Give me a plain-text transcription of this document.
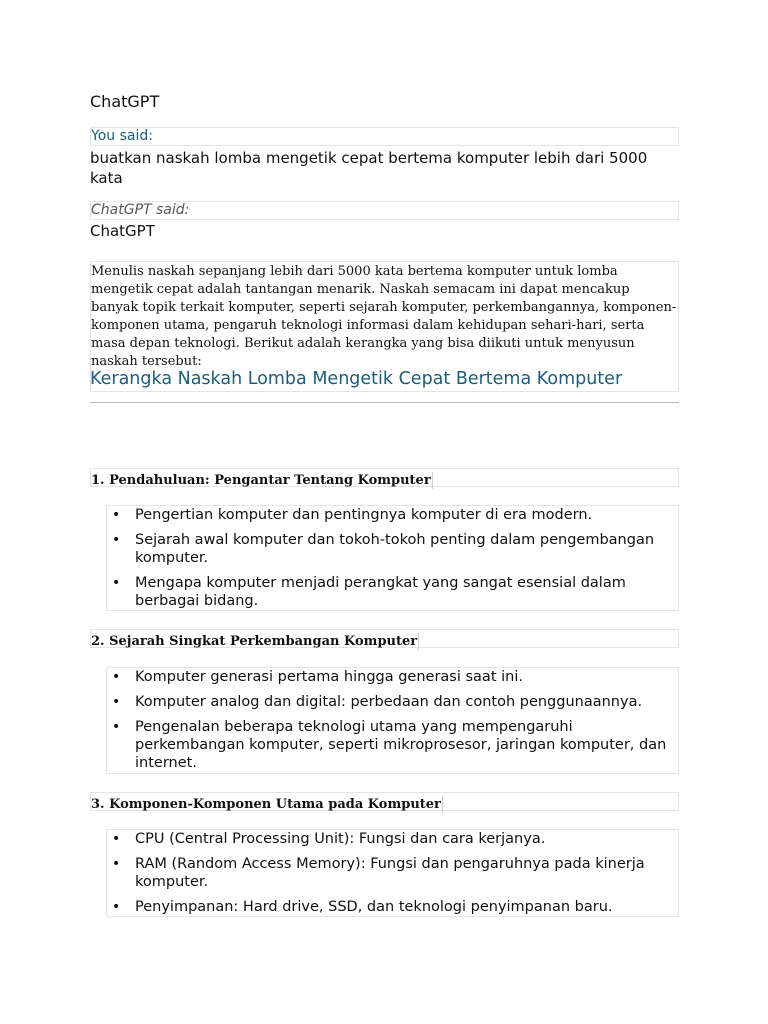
ChatGPT
You said:
buatkan naskah lomba mengetik cepat bertema komputer lebih dari 5000 kata
ChatGPT said:
ChatGPT
Menulis naskah sepanjang lebih dari 5000 kata bertema komputer untuk lomba mengetik cepat adalah tantangan menarik. Naskah semacam ini dapat mencakup banyak topik terkait komputer, seperti sejarah komputer, perkembangannya, komponen-komponen utama, pengaruh teknologi informasi dalam kehidupan sehari-hari, serta masa depan teknologi. Berikut adalah kerangka yang bisa diikuti untuk menyusun naskah tersebut:
Kerangka Naskah Lomba Mengetik Cepat Bertema Komputer
1. Pendahuluan: Pengantar Tentang Komputer
• Pengertian komputer dan pentingnya komputer di era modern.
• Sejarah awal komputer dan tokoh-tokoh penting dalam pengembangan komputer.
• Mengapa komputer menjadi perangkat yang sangat esensial dalam berbagai bidang.
2. Sejarah Singkat Perkembangan Komputer
• Komputer generasi pertama hingga generasi saat ini.
• Komputer analog dan digital: perbedaan dan contoh penggunaannya.
• Pengenalan beberapa teknologi utama yang mempengaruhi perkembangan komputer, seperti mikroprosesor, jaringan komputer, dan internet.
3. Komponen-Komponen Utama pada Komputer
• CPU (Central Processing Unit): Fungsi dan cara kerjanya.
• RAM (Random Access Memory): Fungsi dan pengaruhnya pada kinerja komputer.
• Penyimpanan: Hard drive, SSD, dan teknologi penyimpanan baru.
